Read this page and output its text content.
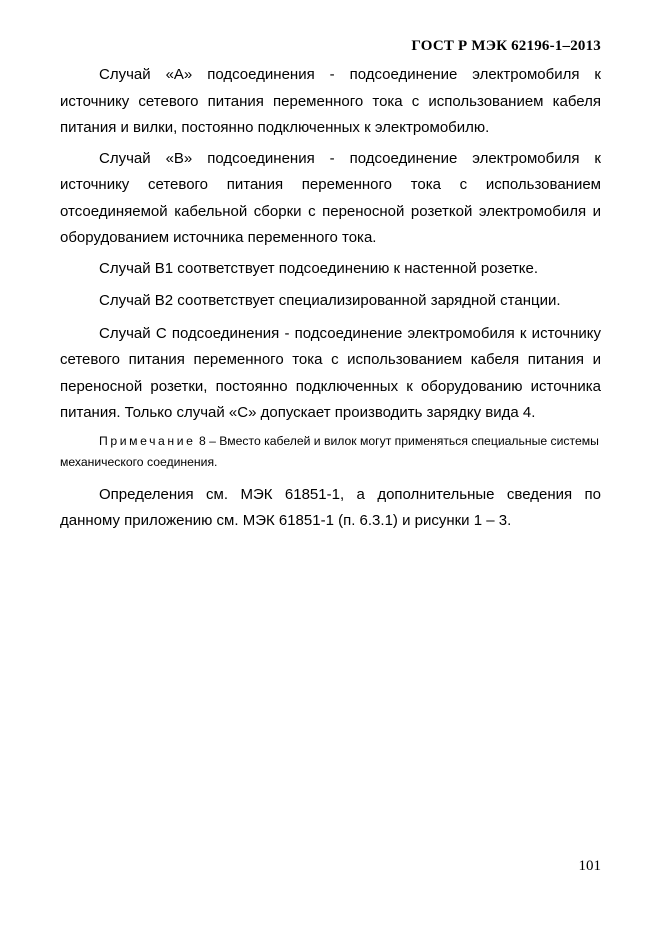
ГОСТ Р МЭК 62196-1–2013

Случай «А» подсоединения - подсоединение электромобиля к источнику сетевого питания переменного тока с использованием кабеля питания и вилки, постоянно подключенных к электромобилю.

Случай «В» подсоединения - подсоединение электромобиля к источнику сетевого питания переменного тока с использованием отсоединяемой кабельной сборки с переносной розеткой электромобиля и оборудованием источника переменного тока.

Случай В1 соответствует подсоединению к настенной розетке.

Случай В2 соответствует специализированной зарядной станции.

Случай С подсоединения - подсоединение электромобиля к источнику сетевого питания переменного тока с использованием кабеля питания и переносной розетки, постоянно подключенных к оборудованию источника питания. Только случай «С» допускает производить зарядку вида 4.

Примечание 8 – Вместо кабелей и вилок могут применяться специальные системы механического соединения.

Определения см. МЭК 61851-1, а дополнительные сведения по данному приложению см. МЭК 61851-1 (п. 6.3.1) и рисунки 1 – 3.

101
